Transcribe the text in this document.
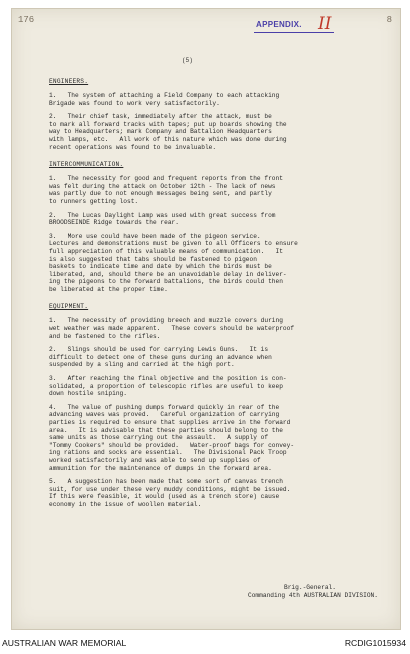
176	8
APPENDIX. II
(5)
ENGINEERS.
1.   The system of attaching a Field Company to each attacking
Brigade was found to work very satisfactorily.
2.   Their chief task, immediately after the attack, must be
to mark all forward tracks with tapes; put up boards showing the
way to Headquarters; mark Company and Battalion Headquarters
with lamps, etc.   All work of this nature which was done during
recent operations was found to be invaluable.
INTERCOMMUNICATION.
1.   The necessity for good and frequent reports from the front
was felt during the attack on October 12th - The lack of news
was partly due to not enough messages being sent, and partly
to runners getting lost.
2.   The Lucas Daylight Lamp was used with great success from
BROODSEINDE Ridge towards the rear.
3.   More use could have been made of the pigeon service.
Lectures and demonstrations must be given to all Officers to ensure
full appreciation of this valuable means of communication.   It
is also suggested that tabs should be fastened to pigeon
baskets to indicate time and date by which the birds must be
liberated, and, should there be an unavoidable delay in deliver-
ing the pigeons to the forward battalions, the birds could then
be liberated at the proper time.
EQUIPMENT.
1.   The necessity of providing breech and muzzle covers during
wet weather was made apparent.   These covers should be waterproof
and be fastened to the rifles.
2.   Slings should be used for carrying Lewis Guns.   It is
difficult to detect one of these guns during an advance when
suspended by a sling and carried at the high port.
3.   After reaching the final objective and the position is con-
solidated, a proportion of telescopic rifles are useful to keep
down hostile sniping.
4.   The value of pushing dumps forward quickly in rear of the
advancing waves was proved.   Careful organization of carrying
parties is required to ensure that supplies arrive in the forward
area.   It is advisable that these parties should belong to the
same units as those carrying out the assault.   A supply of
"Tommy Cookers" should be provided.   Water-proof bags for convey-
ing rations and socks are essential.   The Divisional Pack Troop
worked satisfactorily and was able to send up supplies of
ammunition for the maintenance of dumps in the forward area.
5.   A suggestion has been made that some sort of canvas trench
suit, for use under these very muddy conditions, might be issued.
If this were feasible, it would (used as a trench store) cause
economy in the issue of woollen material.
Brig.-General.
Commanding 4th AUSTRALIAN DIVISION.
AUSTRALIAN WAR MEMORIAL	RCDIG1015934
